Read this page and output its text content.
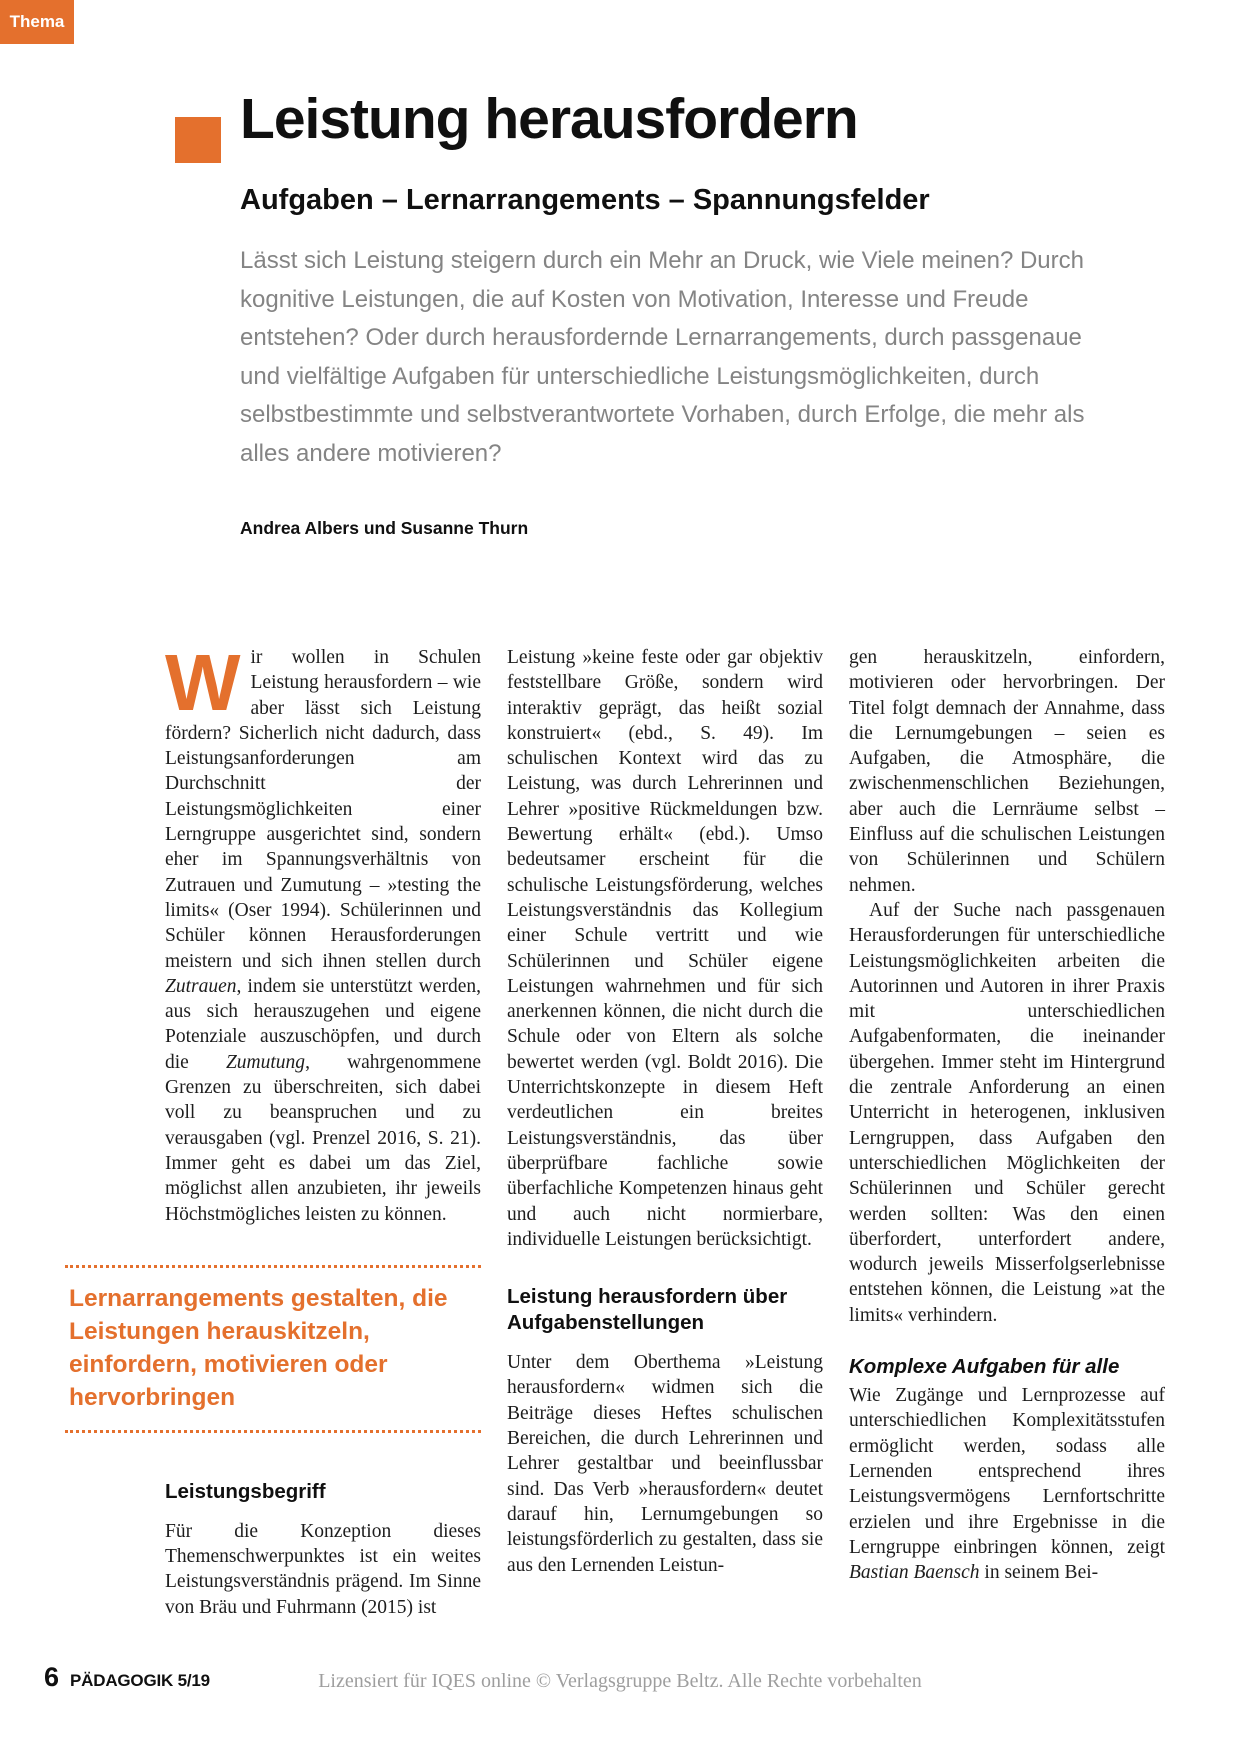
Thema
Leistung herausfordern
Aufgaben – Lernarrangements – Spannungsfelder

Lässt sich Leistung steigern durch ein Mehr an Druck, wie Viele meinen? Durch kognitive Leistungen, die auf Kosten von Motivation, Interesse und Freude entstehen? Oder durch herausfordernde Lernarrangements, durch passgenaue und vielfältige Aufgaben für unterschiedliche Leistungsmöglichkeiten, durch selbstbestimmte und selbstverantwortete Vorhaben, durch Erfolge, die mehr als alles andere motivieren?

Andrea Albers und Susanne Thurn

Wir wollen in Schulen Leistung herausfordern – wie aber lässt sich Leistung fördern? Sicherlich nicht dadurch, dass Leistungsanforderungen am Durchschnitt der Leistungsmöglichkeiten einer Lerngruppe ausgerichtet sind, sondern eher im Spannungsverhältnis von Zutrauen und Zumutung – »testing the limits« (Oser 1994). Schülerinnen und Schüler können Herausforderungen meistern und sich ihnen stellen durch Zutrauen, indem sie unterstützt werden, aus sich herauszugehen und eigene Potenziale auszuschöpfen, und durch die Zumutung, wahrgenommene Grenzen zu überschreiten, sich dabei voll zu beanspruchen und zu verausgaben (vgl. Prenzel 2016, S. 21). Immer geht es dabei um das Ziel, möglichst allen anzubieten, ihr jeweils Höchstmögliches leisten zu können.

Lernarrangements gestalten, die Leistungen herauskitzeln, einfordern, motivieren oder hervorbringen
Leistungsbegriff

Für die Konzeption dieses Themenschwerpunktes ist ein weites Leistungsverständnis prägend. Im Sinne von Bräu und Fuhrmann (2015) ist

Leistung »keine feste oder gar objektiv feststellbare Größe, sondern wird interaktiv geprägt, das heißt sozial konstruiert« (ebd., S. 49). Im schulischen Kontext wird das zu Leistung, was durch Lehrerinnen und Lehrer »positive Rückmeldungen bzw. Bewertung erhält« (ebd.). Umso bedeutsamer erscheint für die schulische Leistungsförderung, welches Leistungsverständnis das Kollegium einer Schule vertritt und wie Schülerinnen und Schüler eigene Leistungen wahrnehmen und für sich anerkennen können, die nicht durch die Schule oder von Eltern als solche bewertet werden (vgl. Boldt 2016). Die Unterrichtskonzepte in diesem Heft verdeutlichen ein breites Leistungsverständnis, das über überprüfbare fachliche sowie überfachliche Kompetenzen hinaus geht und auch nicht normierbare, individuelle Leistungen berücksichtigt.

Leistung herausfordern über Aufgabenstellungen

Unter dem Oberthema »Leistung herausfordern« widmen sich die Beiträge dieses Heftes schulischen Bereichen, die durch Lehrerinnen und Lehrer gestaltbar und beeinflussbar sind. Das Verb »herausfordern« deutet darauf hin, Lernumgebungen so leistungsförderlich zu gestalten, dass sie aus den Lernenden Leistun-

gen herauskitzeln, einfordern, motivieren oder hervorbringen. Der Titel folgt demnach der Annahme, dass die Lernumgebungen – seien es Aufgaben, die Atmosphäre, die zwischenmenschlichen Beziehungen, aber auch die Lernräume selbst – Einfluss auf die schulischen Leistungen von Schülerinnen und Schülern nehmen.

Auf der Suche nach passgenauen Herausforderungen für unterschiedliche Leistungsmöglichkeiten arbeiten die Autorinnen und Autoren in ihrer Praxis mit unterschiedlichen Aufgabenformaten, die ineinander übergehen. Immer steht im Hintergrund die zentrale Anforderung an einen Unterricht in heterogenen, inklusiven Lerngruppen, dass Aufgaben den unterschiedlichen Möglichkeiten der Schülerinnen und Schüler gerecht werden sollten: Was den einen überfordert, unterfordert andere, wodurch jeweils Misserfolgserlebnisse entstehen können, die Leistung »at the limits« verhindern.

Komplexe Aufgaben für alle

Wie Zugänge und Lernprozesse auf unterschiedlichen Komplexitätsstufen ermöglicht werden, sodass alle Lernenden entsprechend ihres Leistungsvermögens Lernfortschritte erzielen und ihre Ergebnisse in die Lerngruppe einbringen können, zeigt Bastian Baensch in seinem Bei-

6 PÄDAGOGIK 5/19	Lizensiert für IQES online © Verlagsgruppe Beltz. Alle Rechte vorbehalten
